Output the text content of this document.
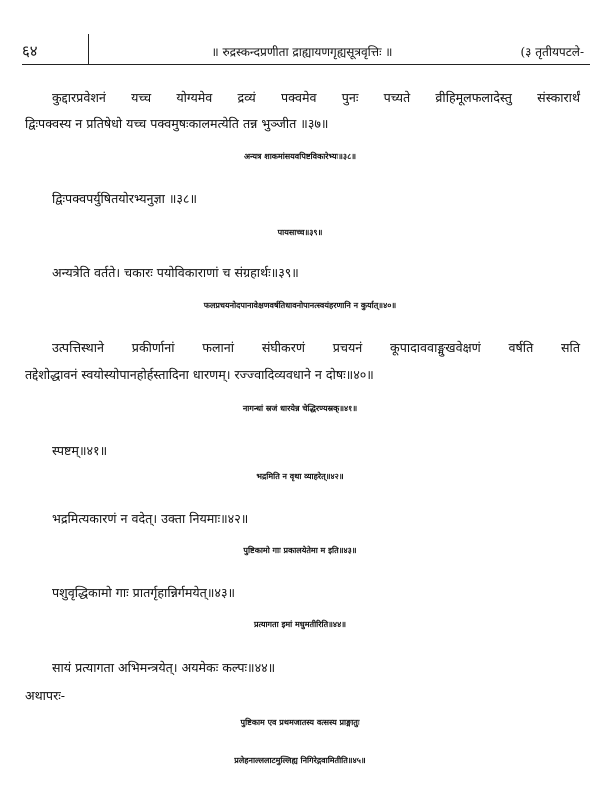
६४	॥ रुद्रस्कन्दप्रणीता द्राह्यायणगृह्यसूत्रवृत्तिः ॥	(३ तृतीयपटले-
कुद्दारप्रवेशनं यच्च योग्यमेव द्रव्यं पक्वमेव पुनः पच्यते व्रीहिमूलफलादेस्तु संस्कारार्थं
द्विःपक्वस्य न प्रतिषेधो यच्च पक्वमुषःकालमत्येति तन्न भुञ्जीत ॥३७॥
अन्यत्र शाकमांसयवपिष्टविकारेभ्यः॥३८॥
द्विःपक्वपर्युषितयोरभ्यनुज्ञा ॥३८॥
पायसाच्च॥३९॥
अन्यत्रेति वर्तते। चकारः पयोविकाराणां च संग्रहार्थः॥३९॥
फलप्रचयनोदपानावेक्षणवर्षतिधावनोपानत्स्वयंहरणानि न कुर्यात्॥४०॥
उत्पत्तिस्थाने प्रकीर्णानां फलानां संघीकरणं प्रचयनं कूपादाववाङ्मुखवेक्षणं वर्षति सति
तद्देशोद्धावनं स्वयोस्योपानहोर्हस्तादिना धारणम्। रज्ज्वादिव्यवधाने न दोषः॥४०॥
नागन्धां स्रजं धारयेन्न चेद्धिरण्यस्रक्॥४१॥
स्पष्टम्॥४१॥
भद्रमिति न वृथा व्याहरेत्॥४२॥
भद्रमित्यकारणं न वदेत्। उक्ता नियमाः॥४२॥
पुष्टिकामो गाः प्रकालयेतेमा म इति॥४३॥
पशुवृद्धिकामो गाः प्रातर्गृहान्निर्गमयेत्॥४३॥
प्रत्यागता इमां मधुमतीरिति॥४४॥
सायं प्रत्यागता अभिमन्त्रयेत्। अयमेकः कल्पः॥४४॥
अथापरः-
पुष्टिकाम एव प्रथमजातस्य वत्सस्य प्राङ्मातुः
प्रलेहनाल्ललाटमुल्लिह्य निगिरेद्गवामितीति॥४५॥
